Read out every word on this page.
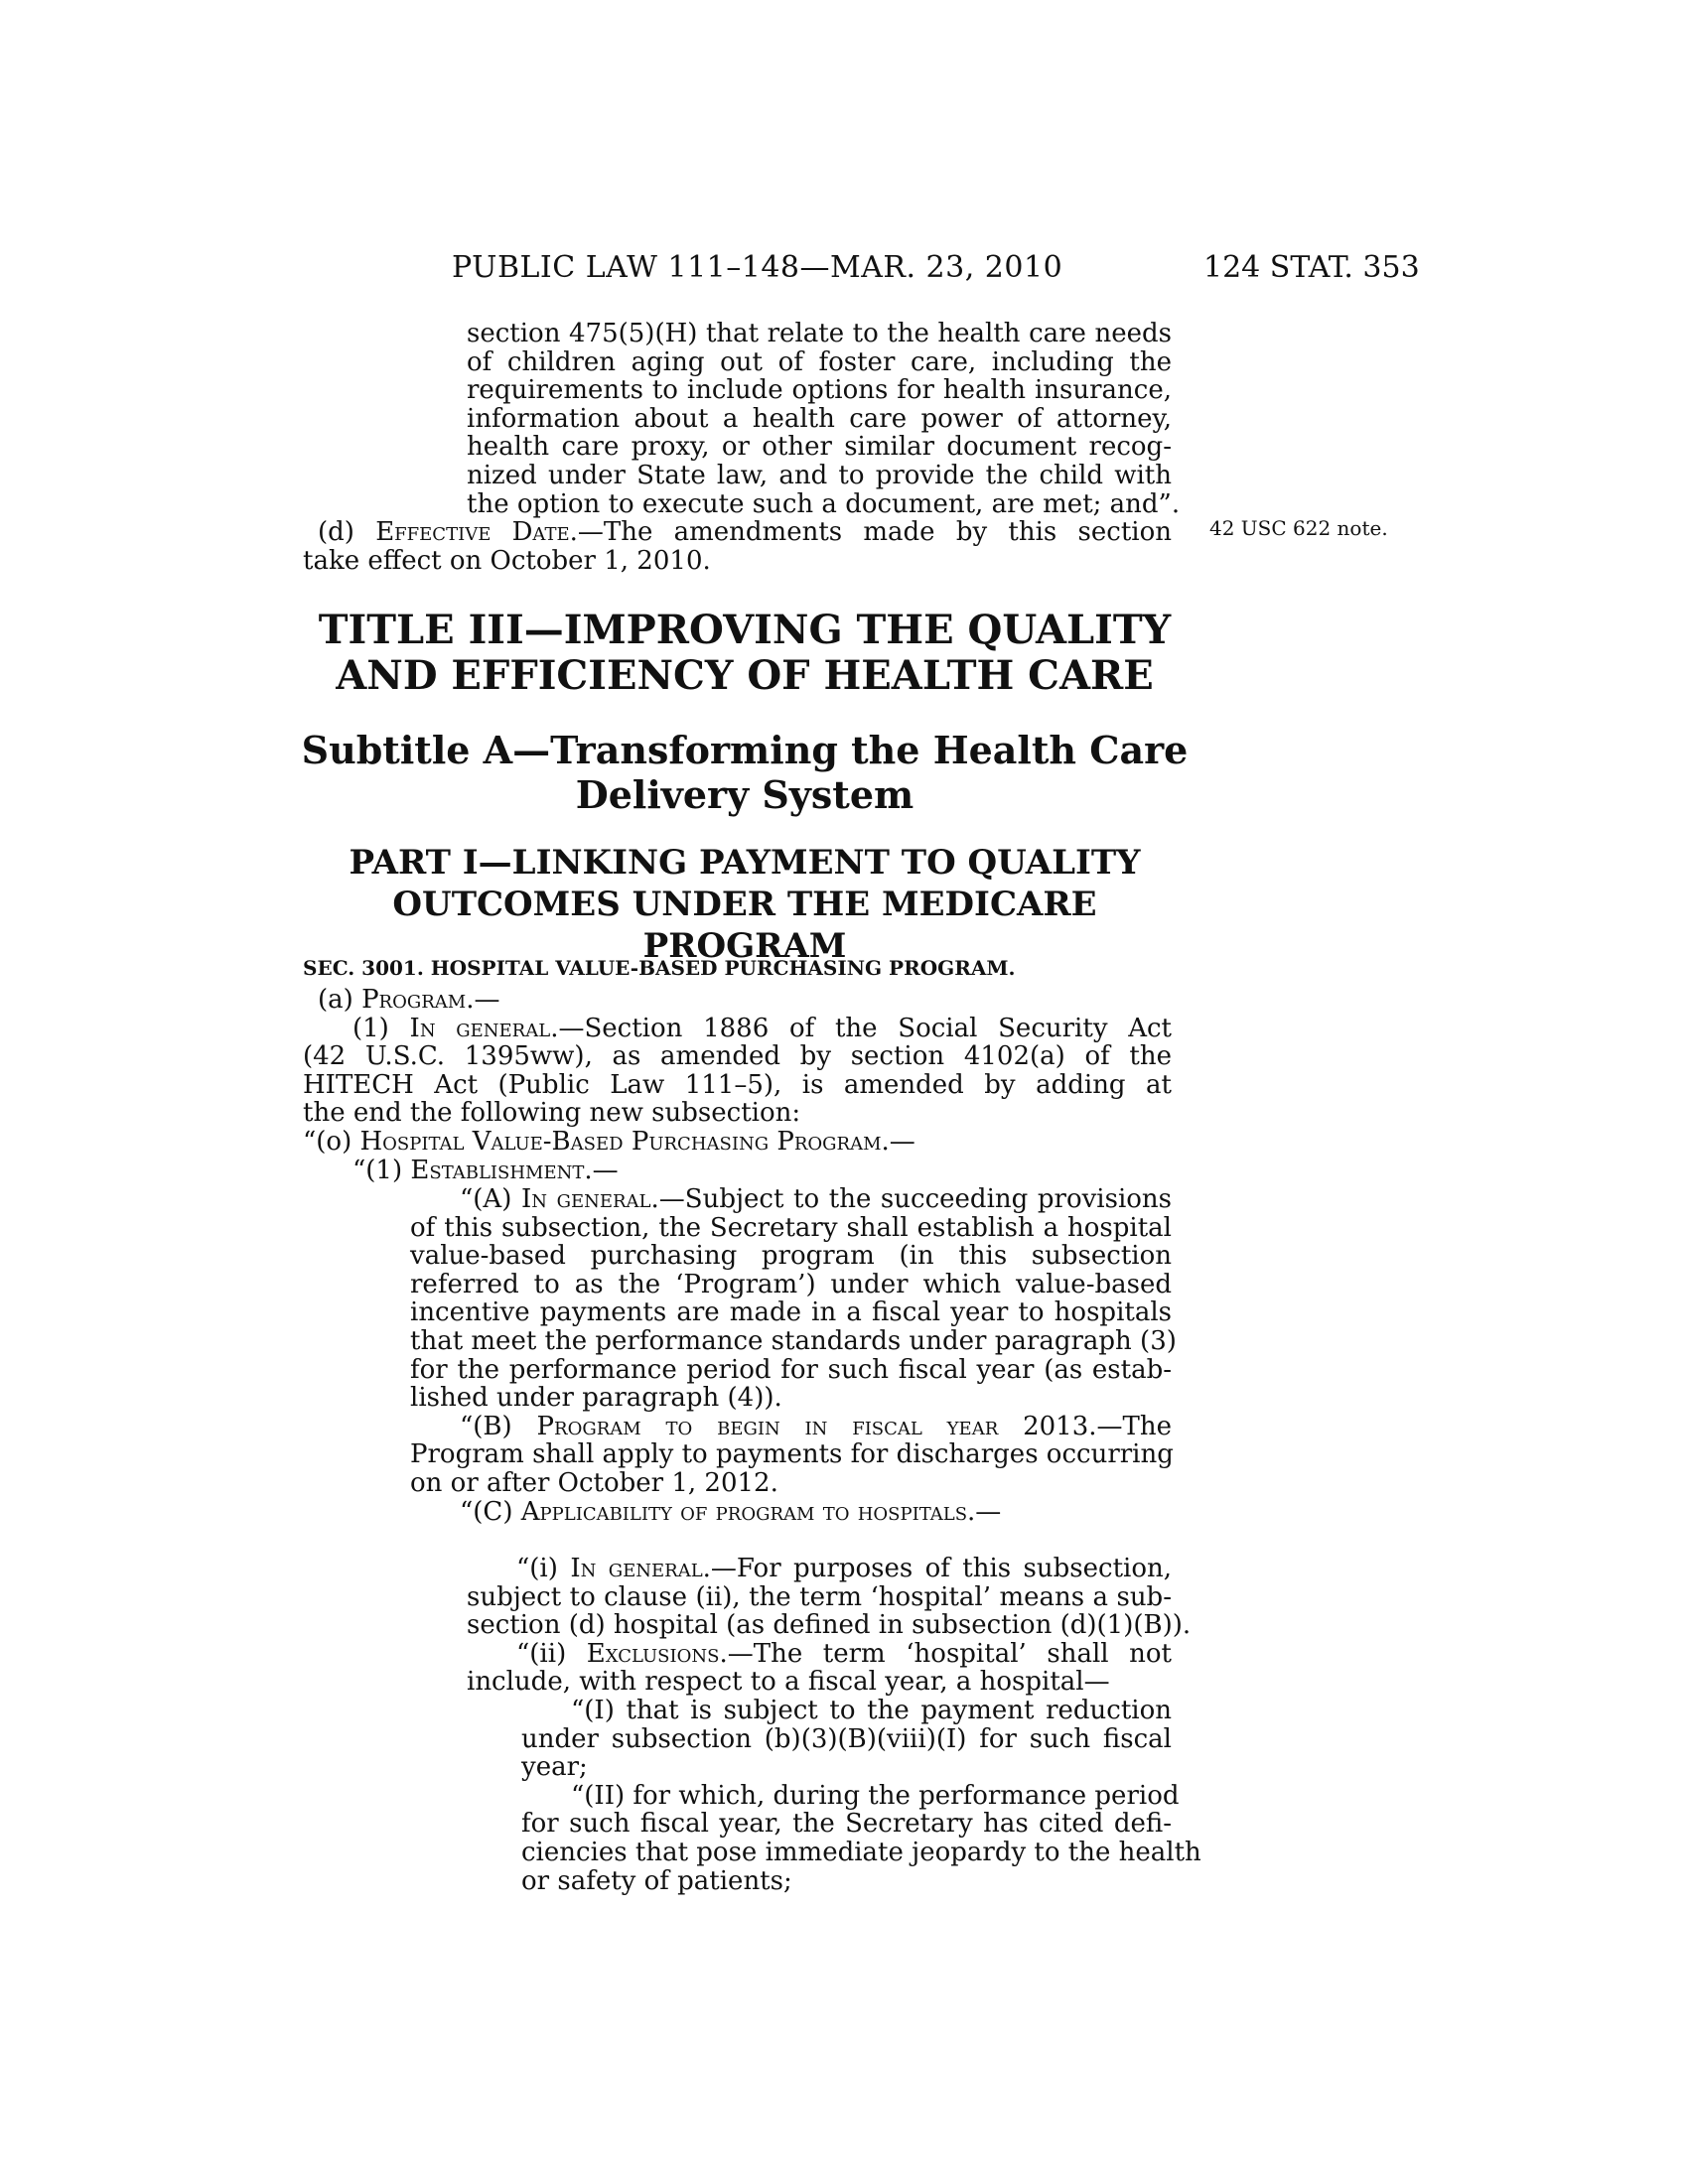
PUBLIC LAW 111–148—MAR. 23, 2010	124 STAT. 353
section 475(5)(H) that relate to the health care needs
of children aging out of foster care, including the
requirements to include options for health insurance,
information about a health care power of attorney,
health care proxy, or other similar document recog-
nized under State law, and to provide the child with
the option to execute such a document, are met; and”.
(d) Effective Date.—The amendments made by this section
take effect on October 1, 2010.
42 USC 622 note.
TITLE III—IMPROVING THE QUALITY
AND EFFICIENCY OF HEALTH CARE
Subtitle A—Transforming the Health Care
Delivery System
PART I—LINKING PAYMENT TO QUALITY
OUTCOMES UNDER THE MEDICARE PROGRAM
SEC. 3001. HOSPITAL VALUE-BASED PURCHASING PROGRAM.
(a) Program.—
(1) In general.—Section 1886 of the Social Security Act
(42 U.S.C. 1395ww), as amended by section 4102(a) of the
HITECH Act (Public Law 111–5), is amended by adding at
the end the following new subsection:
“(o) Hospital Value-Based Purchasing Program.—
“(1) Establishment.—
“(A) In general.—Subject to the succeeding provisions
of this subsection, the Secretary shall establish a hospital
value-based purchasing program (in this subsection
referred to as the ‘Program’) under which value-based
incentive payments are made in a fiscal year to hospitals
that meet the performance standards under paragraph (3)
for the performance period for such fiscal year (as estab-
lished under paragraph (4)).
“(B) Program to begin in fiscal year 2013.—The
Program shall apply to payments for discharges occurring
on or after October 1, 2012.
“(C) Applicability of program to hospitals.—
“(i) In general.—For purposes of this subsection,
subject to clause (ii), the term ‘hospital’ means a sub-
section (d) hospital (as defined in subsection (d)(1)(B)).
“(ii) Exclusions.—The term ‘hospital’ shall not
include, with respect to a fiscal year, a hospital—
“(I) that is subject to the payment reduction
under subsection (b)(3)(B)(viii)(I) for such fiscal
year;
“(II) for which, during the performance period
for such fiscal year, the Secretary has cited defi-
ciencies that pose immediate jeopardy to the health
or safety of patients;
